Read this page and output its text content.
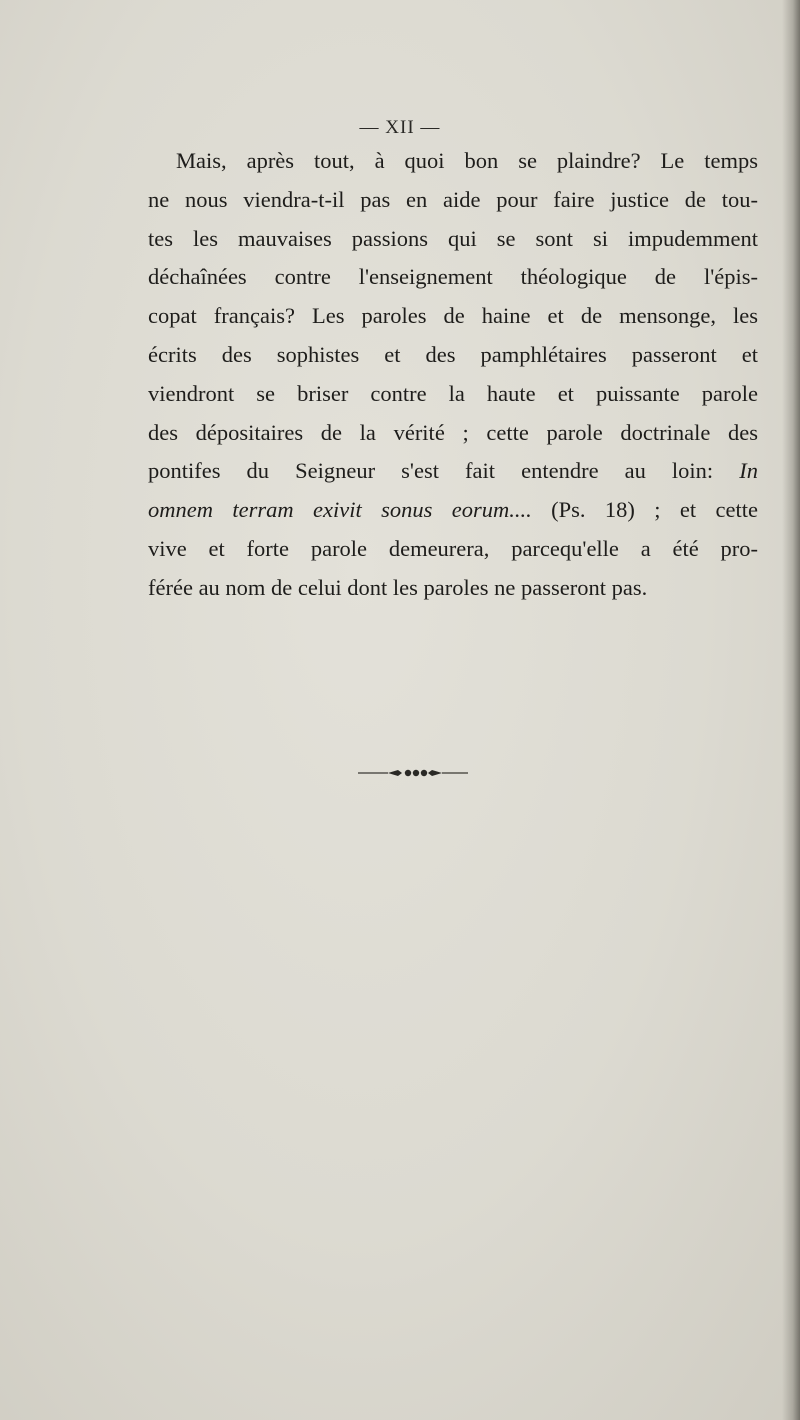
— XII —
Mais, après tout, à quoi bon se plaindre? Le temps
ne nous viendra-t-il pas en aide pour faire justice de tou-
tes les mauvaises passions qui se sont si impudemment
déchaînées contre l'enseignement théologique de l'épis-
copat français? Les paroles de haine et de mensonge, les
écrits des sophistes et des pamphlétaires passeront et
viendront se briser contre la haute et puissante parole
des dépositaires de la vérité ; cette parole doctrinale des
pontifes du Seigneur s'est fait entendre au loin: In
omnem terram exivit sonus eorum.... (Ps. 18) ; et cette
vive et forte parole demeurera, parcequ'elle a été pro-
férée au nom de celui dont les paroles ne passeront pas.
